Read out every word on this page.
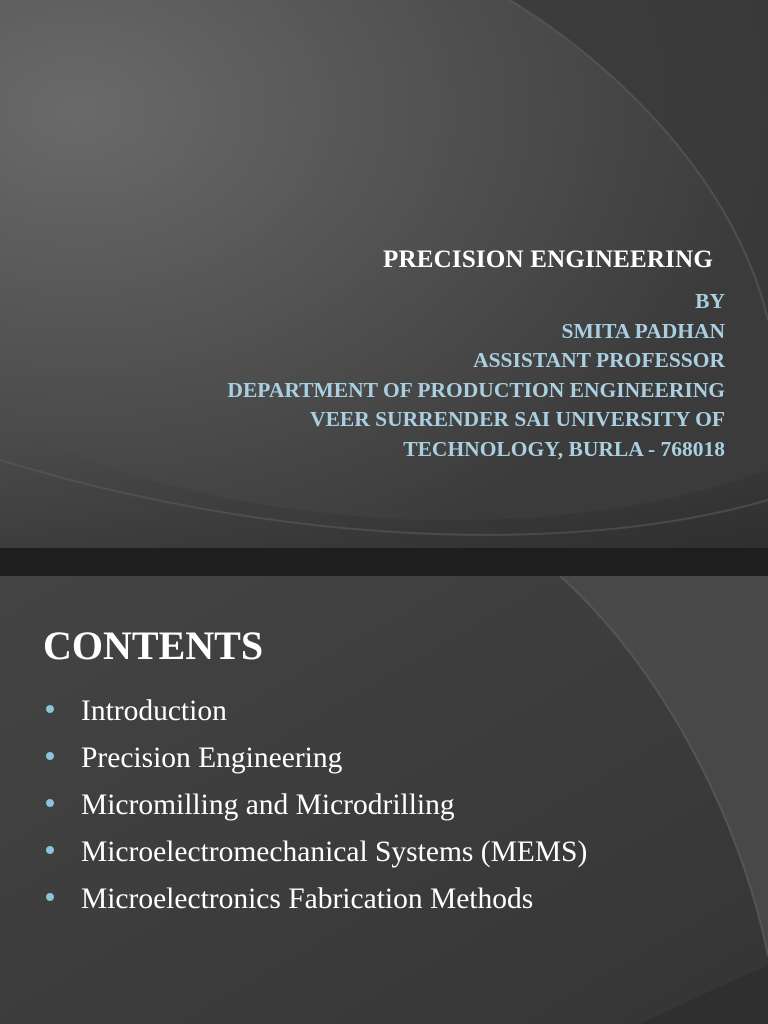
PRECISION ENGINEERING
BY
SMITA PADHAN
ASSISTANT PROFESSOR
DEPARTMENT OF PRODUCTION ENGINEERING
VEER SURRENDER SAI UNIVERSITY OF
TECHNOLOGY, BURLA - 768018
CONTENTS
Introduction
Precision Engineering
Micromilling and Microdrilling
Microelectromechanical Systems (MEMS)
Microelectronics Fabrication Methods
